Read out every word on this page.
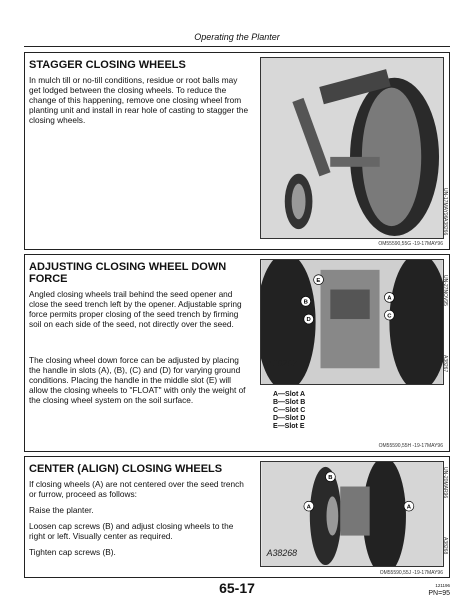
Operating the Planter
STAGGER CLOSING WHEELS
In mulch till or no-till conditions, residue or root balls may get lodged between the closing wheels. To reduce the change of this happening, remove one closing wheel from planting unit and install in rear hole of casting to stagger the closing wheels.
UN-17MAY96
A38266
OM55590,55G -19-17MAY96
ADJUSTING CLOSING WHEEL DOWN FORCE
Angled closing wheels trail behind the seed opener and close the seed trench left by the opener. Adjustable spring force permits proper closing of the seed trench by firming soil on each side of the seed, not directly over the seed.
The closing wheel down force can be adjusted by placing the handle in slots (A), (B), (C) and (D) for varying ground conditions. Placing the handle in the middle slot (E) will allow the closing wheels to "FLOAT" with only the weight of the closing wheel system on the soil surface.
A38267
E
B
D
A
C
UN-27NOV95
A38267
A—Slot A
B—Slot B
C—Slot C
D—Slot D
E—Slot E
OM55590,55H -19-17MAY96
CENTER (ALIGN) CLOSING WHEELS
If closing wheels (A) are not centered over the seed trench or furrow, proceed as follows:
Raise the planter.
Loosen cap screws (B) and adjust closing wheels to the right or left. Visually center as required.
Tighten cap screws (B).	A38268
A
B
A
UN-20MAR96
A38268
OM55590,55J -19-17MAY96
65-17	121196
PN=95
